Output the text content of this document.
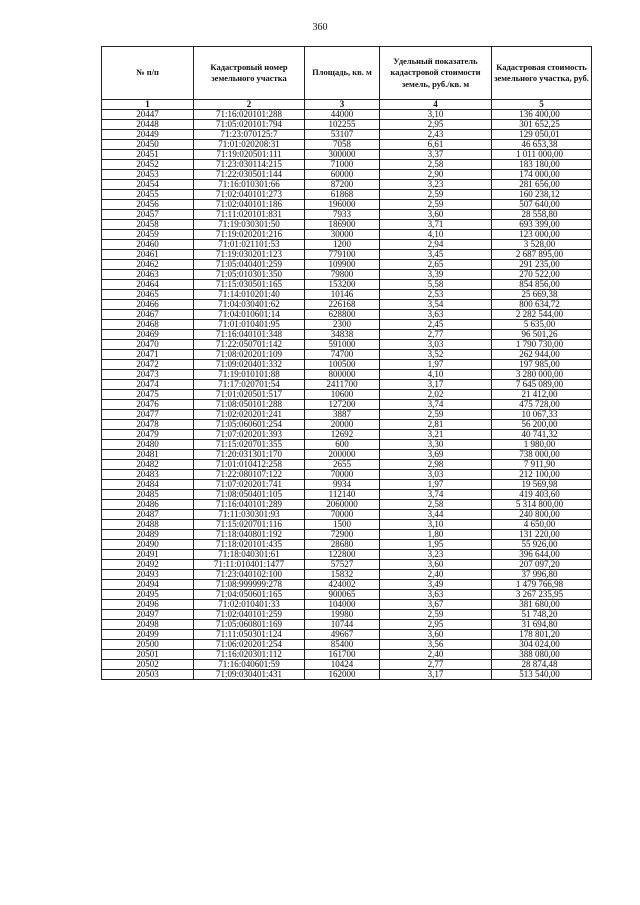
360
№ п/п	Кадастровый номер земельного участка	Площадь, кв. м	Удельный показатель кадастровой стоимости земель, руб./кв. м	Кадастровая стоимость земельного участка, руб.
1	2	3	4	5
20447	71:16:020101:288	44000	3,10	136 400,00
20448	71:05:020101:794	102255	2,95	301 652,25
20449	71:23:070125:7	53107	2,43	129 050,01
20450	71:01:020208:31	7058	6,61	46 653,38
20451	71:19:020501:111	300000	3,37	1 011 000,00
20452	71:23:030114:215	71000	2,58	183 180,00
20453	71:22:030501:144	60000	2,90	174 000,00
20454	71:16:010301:66	87200	3,23	281 656,00
20455	71:02:040101:273	61868	2,59	160 238,12
20456	71:02:040101:186	196000	2,59	507 640,00
20457	71:11:020101:831	7933	3,60	28 558,80
20458	71:19:030301:50	186900	3,71	693 399,00
20459	71:19:020201:216	30000	4,10	123 000,00
20460	71:01:021101:53	1200	2,94	3 528,00
20461	71:19:030201:123	779100	3,45	2 687 895,00
20462	71:05:040401:259	109900	2,65	291 235,00
20463	71:05:010301:350	79800	3,39	270 522,00
20464	71:15:030501:165	153200	5,58	854 856,00
20465	71:14:010201:40	10146	2,53	25 669,38
20466	71:04:030401:62	226168	3,54	800 634,72
20467	71:04:010601:14	628800	3,63	2 282 544,00
20468	71:01:010401:95	2300	2,45	5 635,00
20469	71:16:040101:348	34838	2,77	96 501,26
20470	71:22:050701:142	591000	3,03	1 790 730,00
20471	71:08:020201:109	74700	3,52	262 944,00
20472	71:09:020401:332	100500	1,97	197 985,00
20473	71:19:010101:88	800000	4,10	3 280 000,00
20474	71:17:020701:54	2411700	3,17	7 645 089,00
20475	71:01:020501:517	10600	2,02	21 412,00
20476	71:08:050101:288	127200	3,74	475 728,00
20477	71:02:020201:241	3887	2,59	10 067,33
20478	71:05:060601:254	20000	2,81	56 200,00
20479	71:07:020201:393	12692	3,21	40 741,32
20480	71:15:020701:355	600	3,30	1 980,00
20481	71:20:031301:170	200000	3,69	738 000,00
20482	71:01:010412:258	2655	2,98	7 911,90
20483	71:22:080107:122	70000	3,03	212 100,00
20484	71:07:020201:741	9934	1,97	19 569,98
20485	71:08:050401:105	112140	3,74	419 403,60
20486	71:16:040101:289	2060000	2,58	5 314 800,00
20487	71:11:030301:93	70000	3,44	240 800,00
20488	71:15:020701:116	1500	3,10	4 650,00
20489	71:18:040801:192	72900	1,80	131 220,00
20490	71:18:020101:435	28680	1,95	55 926,00
20491	71:18:040301:61	122800	3,23	396 644,00
20492	71:11:010401:1477	57527	3,60	207 097,20
20493	71:23:040102:100	15832	2,40	37 996,80
20494	71:08:999999:278	424002	3,49	1 479 766,98
20495	71:04:050601:165	900065	3,63	3 267 235,95
20496	71:02:010401:33	104000	3,67	381 680,00
20497	71:02:040101:259	19980	2,59	51 748,20
20498	71:05:060801:169	10744	2,95	31 694,80
20499	71:11:050301:124	49667	3,60	178 801,20
20500	71:06:020201:254	85400	3,56	304 024,00
20501	71:16:020301:112	161700	2,40	388 080,00
20502	71:16:040601:59	10424	2,77	28 874,48
20503	71:09:030401:431	162000	3,17	513 540,00
